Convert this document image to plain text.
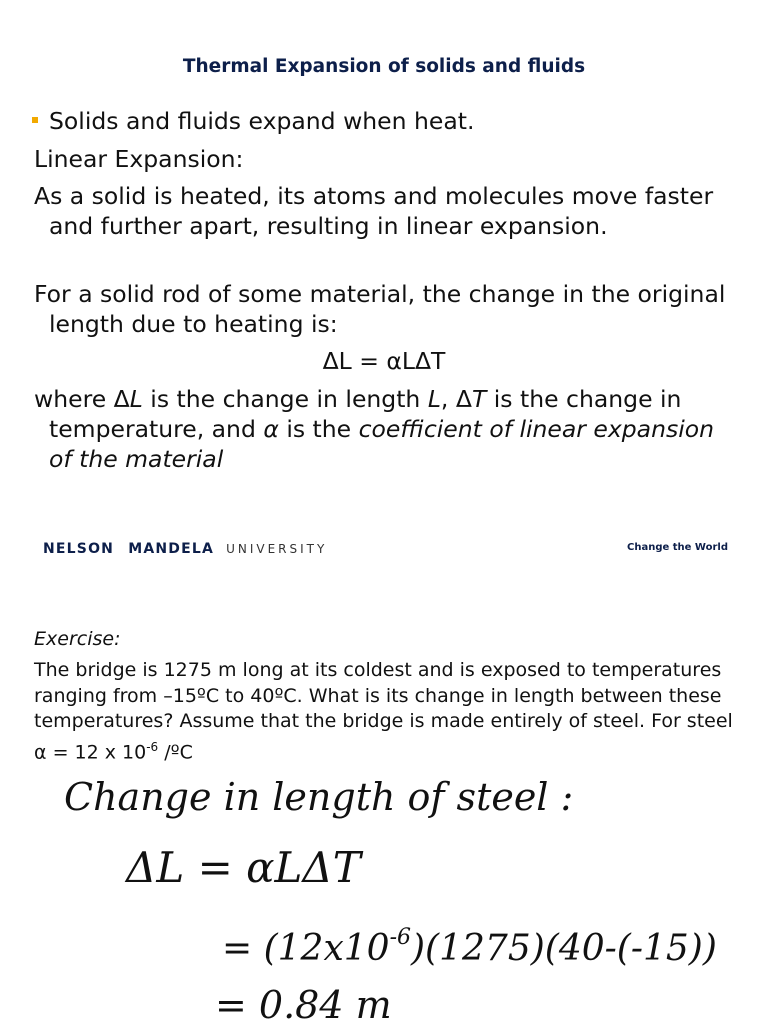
Thermal Expansion of solids and fluids
Solids and fluids expand when heat.
Linear Expansion:
As a solid is heated, its atoms and molecules move faster and further apart, resulting in linear expansion.
For a solid rod of some material, the change in the original length due to heating is:
ΔL = αLΔT
where ΔL is the change in length L, ΔT is the change in temperature, and α is the coefficient of linear expansion of the material
NELSON MANDELA UNIVERSITY	Change the World
Exercise:
The bridge is 1275 m long at its coldest and is exposed to temperatures ranging from –15ºC to 40ºC. What is its change in length between these temperatures? Assume that the bridge is made entirely of steel. For steel α = 12 x $10^{-6}$ /ºC
Change in length of steel :
ΔL = αLΔT
= $(12x10^{-6})(1275)(40-(-15))$
= 0.84 m
